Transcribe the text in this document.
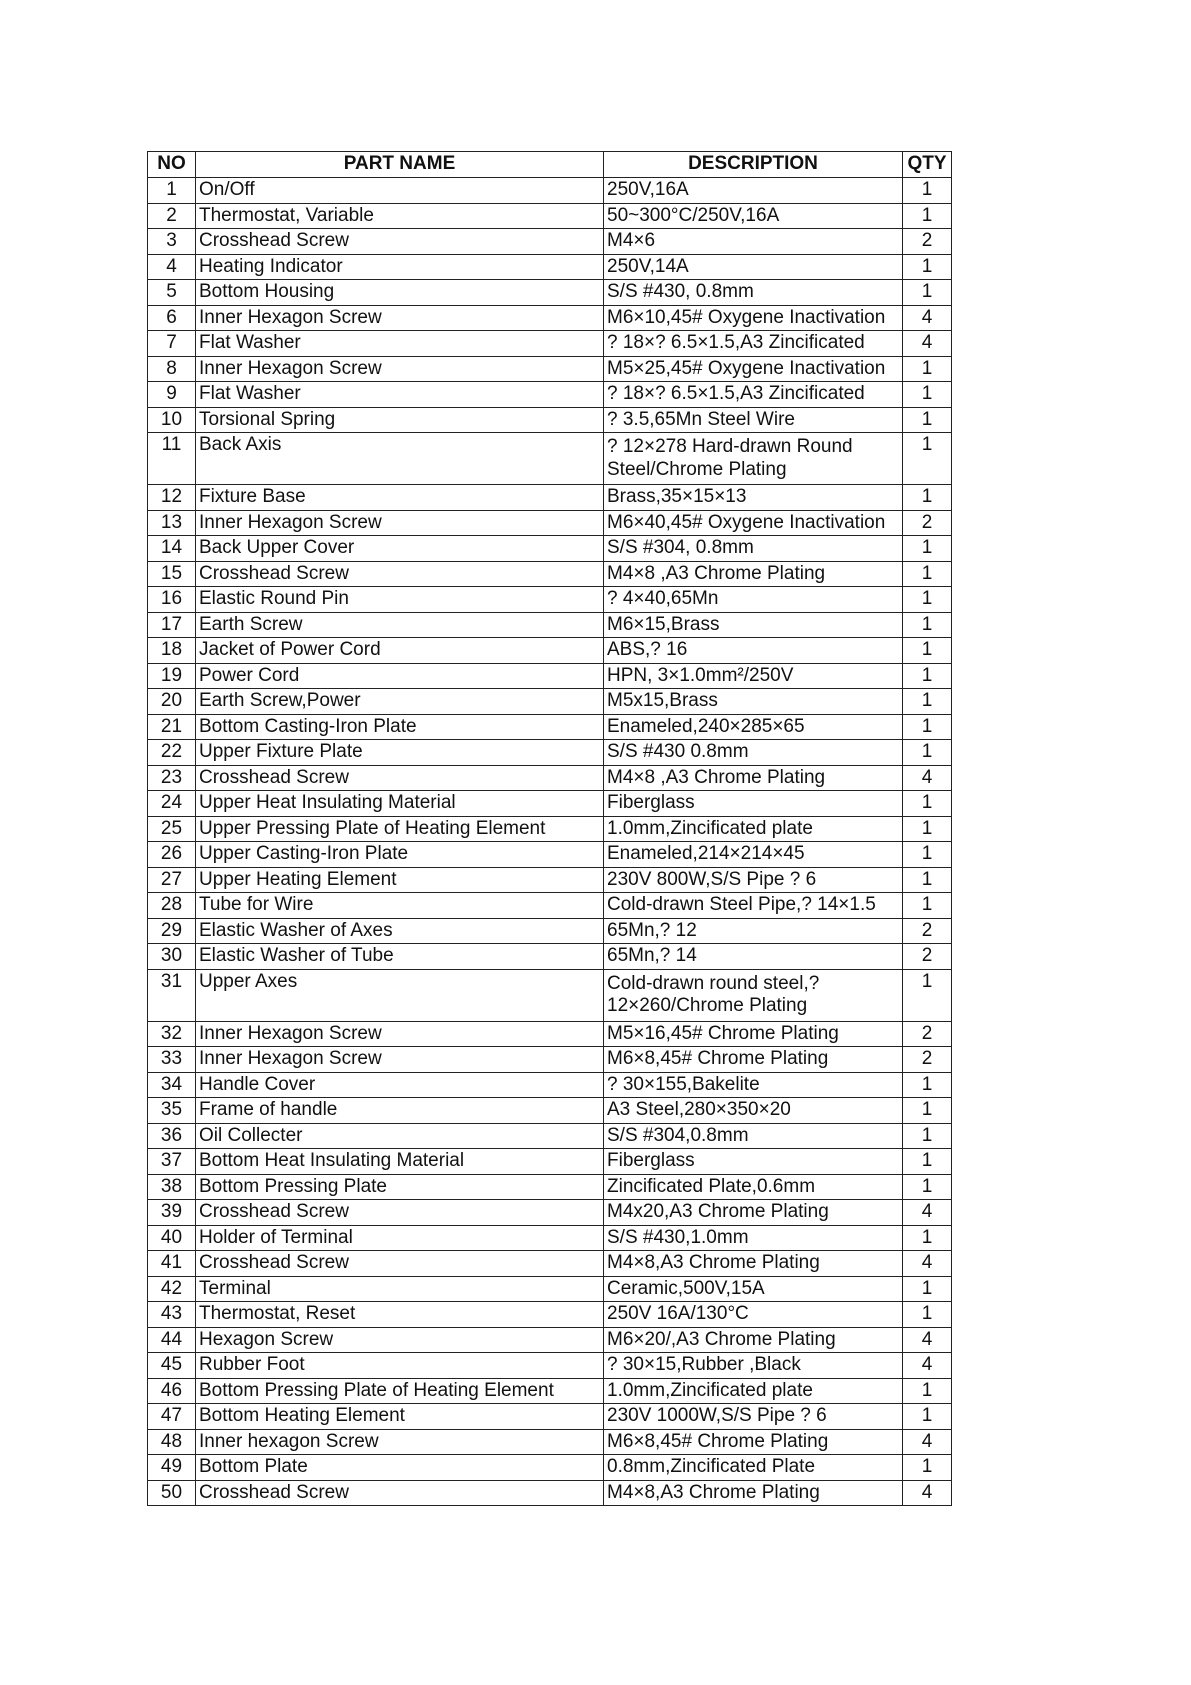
NO	PART NAME	DESCRIPTION	QTY
1	On/Off	250V,16A	1
2	Thermostat, Variable	50~300°C/250V,16A	1
3	Crosshead Screw	M4×6	2
4	Heating Indicator	250V,14A	1
5	Bottom Housing	S/S #430, 0.8mm	1
6	Inner Hexagon Screw	M6×10,45# Oxygene Inactivation	4
7	Flat Washer	? 18×? 6.5×1.5,A3 Zincificated	4
8	Inner Hexagon Screw	M5×25,45# Oxygene Inactivation	1
9	Flat Washer	? 18×? 6.5×1.5,A3 Zincificated	1
10	Torsional Spring	? 3.5,65Mn Steel Wire	1
11	Back Axis	? 12×278 Hard-drawn Round Steel/Chrome Plating	1
12	Fixture Base	Brass,35×15×13	1
13	Inner Hexagon Screw	M6×40,45# Oxygene Inactivation	2
14	Back Upper Cover	S/S #304, 0.8mm	1
15	Crosshead Screw	M4×8 ,A3 Chrome Plating	1
16	Elastic Round Pin	? 4×40,65Mn	1
17	Earth Screw	M6×15,Brass	1
18	Jacket of Power Cord	ABS,? 16	1
19	Power Cord	HPN, 3×1.0mm²/250V	1
20	Earth Screw,Power	M5x15,Brass	1
21	Bottom Casting-Iron Plate	Enameled,240×285×65	1
22	Upper Fixture Plate	S/S #430 0.8mm	1
23	Crosshead Screw	M4×8 ,A3 Chrome Plating	4
24	Upper Heat Insulating Material	Fiberglass	1
25	Upper Pressing Plate of Heating Element	1.0mm,Zincificated plate	1
26	Upper Casting-Iron Plate	Enameled,214×214×45	1
27	Upper Heating Element	230V 800W,S/S Pipe ? 6	1
28	Tube for Wire	Cold-drawn Steel Pipe,? 14×1.5	1
29	Elastic Washer of Axes	65Mn,? 12	2
30	Elastic Washer of Tube	65Mn,? 14	2
31	Upper Axes	Cold-drawn round steel,? 12×260/Chrome Plating	1
32	Inner Hexagon Screw	M5×16,45# Chrome Plating	2
33	Inner Hexagon Screw	M6×8,45# Chrome Plating	2
34	Handle Cover	? 30×155,Bakelite	1
35	Frame of handle	A3 Steel,280×350×20	1
36	Oil Collecter	S/S #304,0.8mm	1
37	Bottom Heat Insulating Material	Fiberglass	1
38	Bottom Pressing Plate	Zincificated Plate,0.6mm	1
39	Crosshead Screw	M4x20,A3 Chrome Plating	4
40	Holder of Terminal	S/S #430,1.0mm	1
41	Crosshead Screw	M4×8,A3 Chrome Plating	4
42	Terminal	Ceramic,500V,15A	1
43	Thermostat, Reset	250V 16A/130°C	1
44	Hexagon Screw	M6×20/,A3 Chrome Plating	4
45	Rubber Foot	? 30×15,Rubber ,Black	4
46	Bottom Pressing Plate of Heating Element	1.0mm,Zincificated plate	1
47	Bottom Heating Element	230V 1000W,S/S Pipe ? 6	1
48	Inner hexagon Screw	M6×8,45# Chrome Plating	4
49	Bottom Plate	0.8mm,Zincificated Plate	1
50	Crosshead Screw	M4×8,A3 Chrome Plating	4
